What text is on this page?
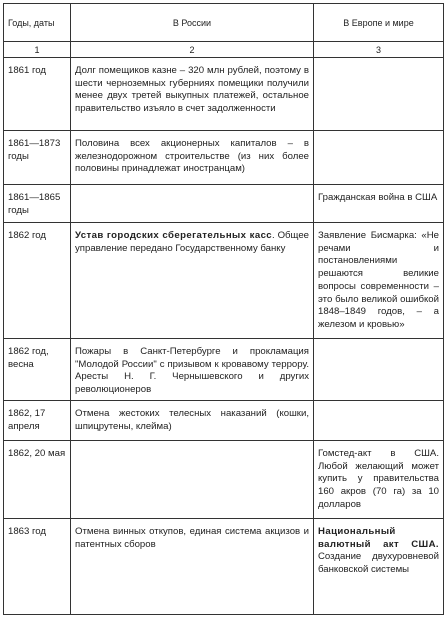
Годы, даты	В России	В Европе и мире
1	2	3

1861 год	Долг помещиков казне – 320 млн рублей, поэтому в шести черноземных губерниях помещики получили менее двух третей выкупных платежей, остальное правительство изъяло в счет задолженности	

1861—1873 годы	Половина всех акционерных капиталов – в железнодорожном строительстве (из них более половины принадлежат иностранцам)	

1861—1865 годы		Гражданская война в США

1862 год	Устав городских сберегательных касс. Общее управление передано Государственному банку	Заявление Бисмарка: «Не речами и постановлениями решаются великие вопросы современности – это было великой ошибкой 1848–1849 годов, – а железом и кровью»

1862 год, весна	Пожары в Санкт-Петербурге и прокламация "Молодой России" с призывом к кровавому террору. Аресты Н. Г. Чернышевского и других революционеров	

1862, 17 апреля	Отмена жестоких телесных наказаний (кошки, шпицрутены, клейма)	

1862, 20 мая		Гомстед-акт в США. Любой желающий может купить у правительства 160 акров (70 га) за 10 долларов

1863 год	Отмена винных откупов, единая система акцизов и патентных сборов	Национальный валютный акт США. Создание двухуровневой банковской системы
